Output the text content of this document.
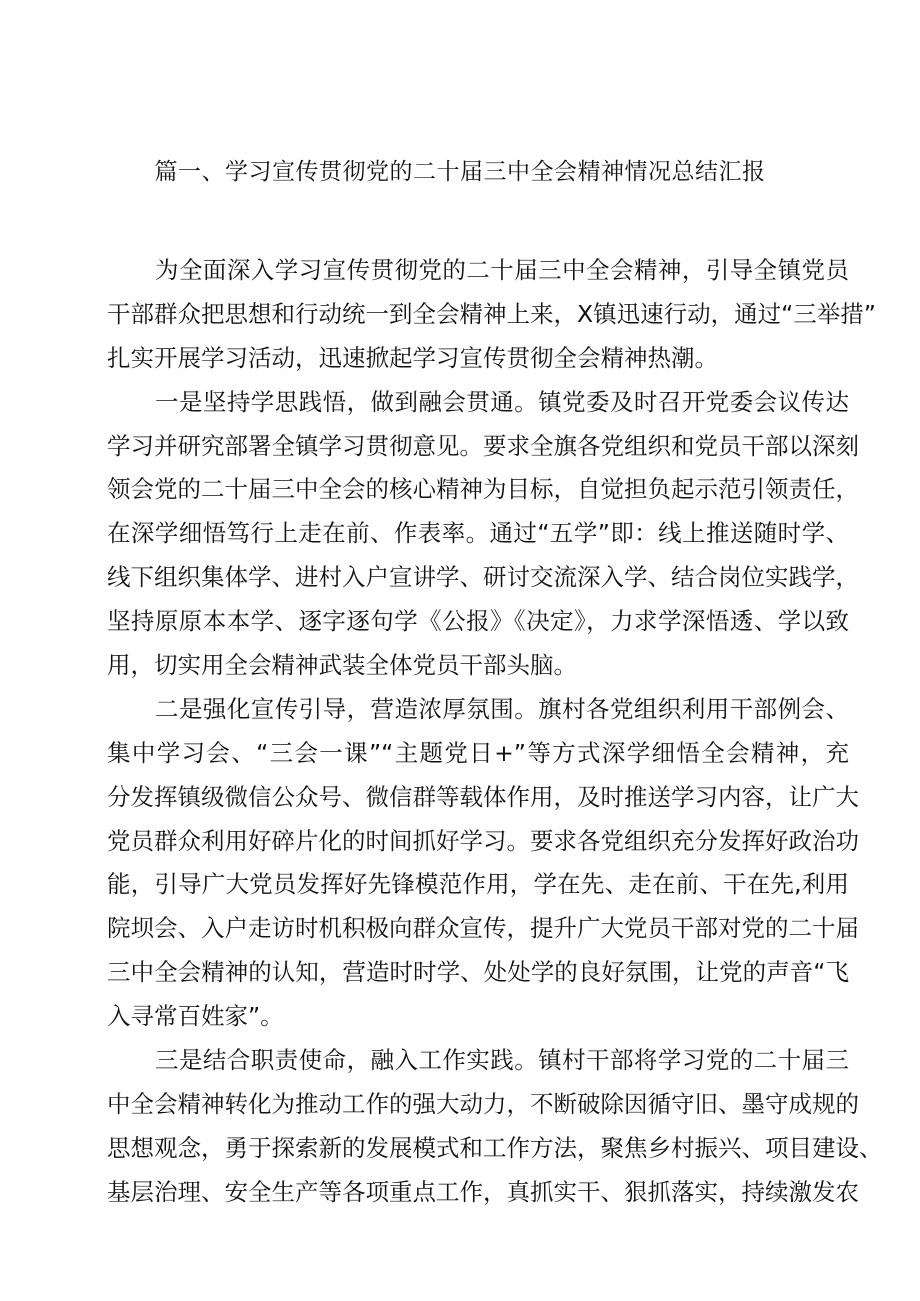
篇一、学习宣传贯彻党的二十届三中全会精神情况总结汇报
为全面深入学习宣传贯彻党的二十届三中全会精神，引导全镇党员
干部群众把思想和行动统一到全会精神上来，X镇迅速行动，通过“三举措”
扎实开展学习活动，迅速掀起学习宣传贯彻全会精神热潮。
一是坚持学思践悟，做到融会贯通。镇党委及时召开党委会议传达
学习并研究部署全镇学习贯彻意见。要求全旗各党组织和党员干部以深刻
领会党的二十届三中全会的核心精神为目标，自觉担负起示范引领责任，
在深学细悟笃行上走在前、作表率。通过“五学”即：线上推送随时学、
线下组织集体学、进村入户宣讲学、研讨交流深入学、结合岗位实践学，
坚持原原本本学、逐字逐句学《公报》《决定》，力求学深悟透、学以致
用，切实用全会精神武装全体党员干部头脑。
二是强化宣传引导，营造浓厚氛围。旗村各党组织利用干部例会、
集中学习会、“三会一课”“主题党日+”等方式深学细悟全会精神，充
分发挥镇级微信公众号、微信群等载体作用，及时推送学习内容，让广大
党员群众利用好碎片化的时间抓好学习。要求各党组织充分发挥好政治功
能，引导广大党员发挥好先锋模范作用，学在先、走在前、干在先,利用
院坝会、入户走访时机积极向群众宣传，提升广大党员干部对党的二十届
三中全会精神的认知，营造时时学、处处学的良好氛围，让党的声音“飞
入寻常百姓家”。
三是结合职责使命，融入工作实践。镇村干部将学习党的二十届三
中全会精神转化为推动工作的强大动力，不断破除因循守旧、墨守成规的
思想观念，勇于探索新的发展模式和工作方法，聚焦乡村振兴、项目建设、
基层治理、安全生产等各项重点工作，真抓实干、狠抓落实，持续激发农
